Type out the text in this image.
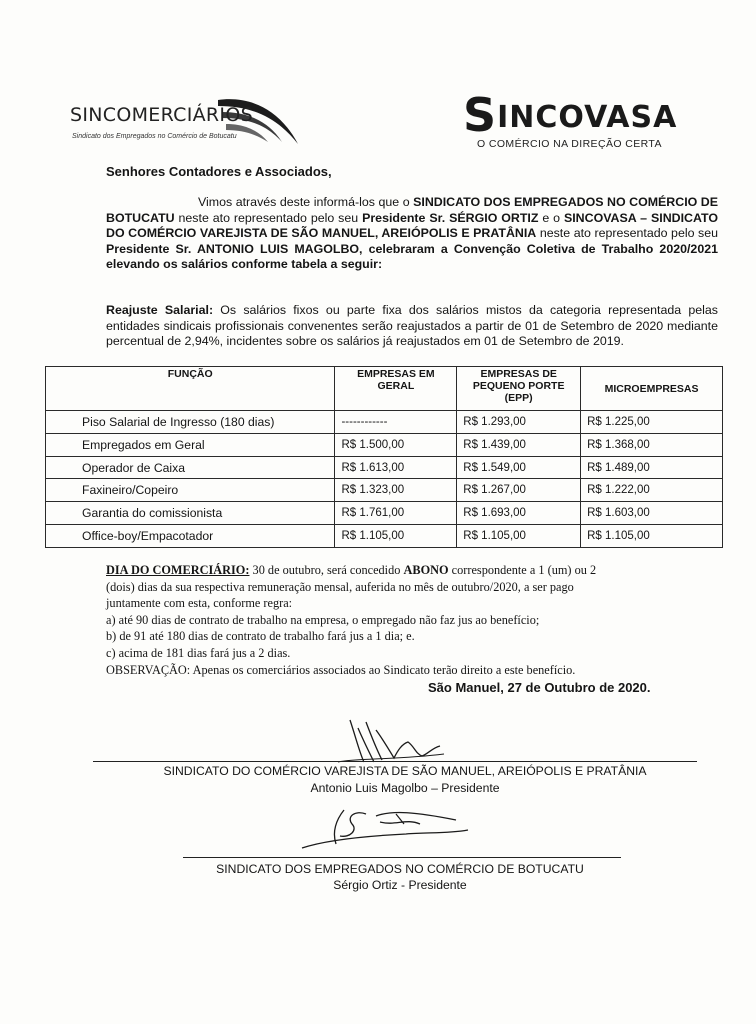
SINCOMERCIÁRIOS
Sindicato dos Empregados no Comércio de Botucatu	SINCOVASA
O COMÉRCIO NA DIREÇÃO CERTA
Senhores Contadores e Associados,
Vimos através deste informá-los que o SINDICATO DOS EMPREGADOS NO COMÉRCIO DE BOTUCATU neste ato representado pelo seu Presidente Sr. SÉRGIO ORTIZ e o SINCOVASA – SINDICATO DO COMÉRCIO VAREJISTA DE SÃO MANUEL, AREIÓPOLIS E PRATÂNIA neste ato representado pelo seu Presidente Sr. ANTONIO LUIS MAGOLBO, celebraram a Convenção Coletiva de Trabalho 2020/2021 elevando os salários conforme tabela a seguir:
Reajuste Salarial: Os salários fixos ou parte fixa dos salários mistos da categoria representada pelas entidades sindicais profissionais convenentes serão reajustados a partir de 01 de Setembro de 2020 mediante percentual de 2,94%, incidentes sobre os salários já reajustados em 01 de Setembro de 2019.
FUNÇÃO	EMPRESAS EM GERAL	EMPRESAS DE PEQUENO PORTE (EPP)	MICROEMPRESAS
Piso Salarial de Ingresso (180 dias)	------------	R$ 1.293,00	R$ 1.225,00
Empregados em Geral	R$ 1.500,00	R$ 1.439,00	R$ 1.368,00
Operador de Caixa	R$ 1.613,00	R$ 1.549,00	R$ 1.489,00
Faxineiro/Copeiro	R$ 1.323,00	R$ 1.267,00	R$ 1.222,00
Garantia do comissionista	R$ 1.761,00	R$ 1.693,00	R$ 1.603,00
Office-boy/Empacotador	R$ 1.105,00	R$ 1.105,00	R$ 1.105,00
DIA DO COMERCIÁRIO: 30 de outubro, será concedido ABONO correspondente a 1 (um) ou 2
(dois) dias da sua respectiva remuneração mensal, auferida no mês de outubro/2020, a ser pago
juntamente com esta, conforme regra:
a) até 90 dias de contrato de trabalho na empresa, o empregado não faz jus ao benefício;
b) de 91 até 180 dias de contrato de trabalho fará jus a 1 dia; e.
c) acima de 181 dias fará jus a 2 dias.
OBSERVAÇÃO: Apenas os comerciários associados ao Sindicato terão direito a este benefício.
São Manuel, 27 de Outubro de 2020.
SINDICATO DO COMÉRCIO VAREJISTA DE SÃO MANUEL, AREIÓPOLIS E PRATÂNIA
Antonio Luis Magolbo – Presidente
SINDICATO DOS EMPREGADOS NO COMÉRCIO DE BOTUCATU
Sérgio Ortiz - Presidente
